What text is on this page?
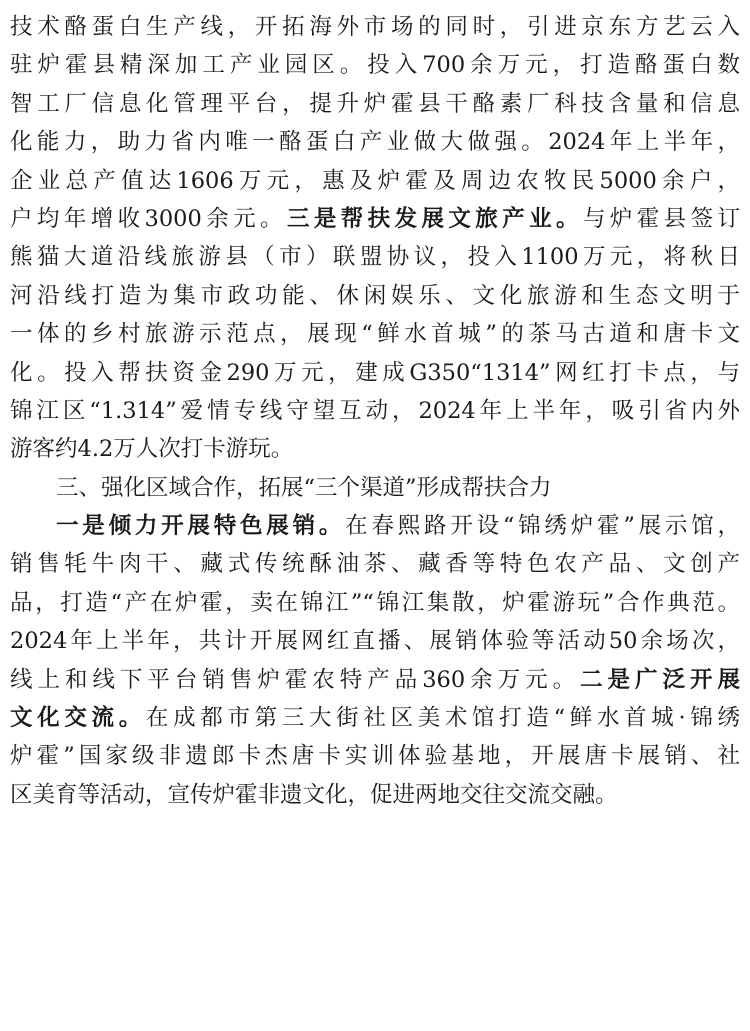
技术酪蛋白生产线，开拓海外市场的同时，引进京东方艺云入
驻炉霍县精深加工产业园区。投入700余万元，打造酪蛋白数
智工厂信息化管理平台，提升炉霍县干酪素厂科技含量和信息
化能力，助力省内唯一酪蛋白产业做大做强。2024年上半年，
企业总产值达1606万元，惠及炉霍及周边农牧民5000余户，
户均年增收3000余元。三是帮扶发展文旅产业。与炉霍县签订
熊猫大道沿线旅游县（市）联盟协议，投入1100万元，将秋日
河沿线打造为集市政功能、休闲娱乐、文化旅游和生态文明于
一体的乡村旅游示范点，展现“鲜水首城”的茶马古道和唐卡文
化。投入帮扶资金290万元，建成G350“1314”网红打卡点，与
锦江区“1.314”爱情专线守望互动，2024年上半年，吸引省内外
游客约4.2万人次打卡游玩。
三、强化区域合作，拓展“三个渠道”形成帮扶合力
一是倾力开展特色展销。在春熙路开设“锦绣炉霍”展示馆，
销售牦牛肉干、藏式传统酥油茶、藏香等特色农产品、文创产
品，打造“产在炉霍，卖在锦江”“锦江集散，炉霍游玩”合作典范。
2024年上半年，共计开展网红直播、展销体验等活动50余场次，
线上和线下平台销售炉霍农特产品360余万元。二是广泛开展
文化交流。在成都市第三大街社区美术馆打造“鲜水首城·锦绣
炉霍”国家级非遗郎卡杰唐卡实训体验基地，开展唐卡展销、社
区美育等活动，宣传炉霍非遗文化，促进两地交往交流交融。
